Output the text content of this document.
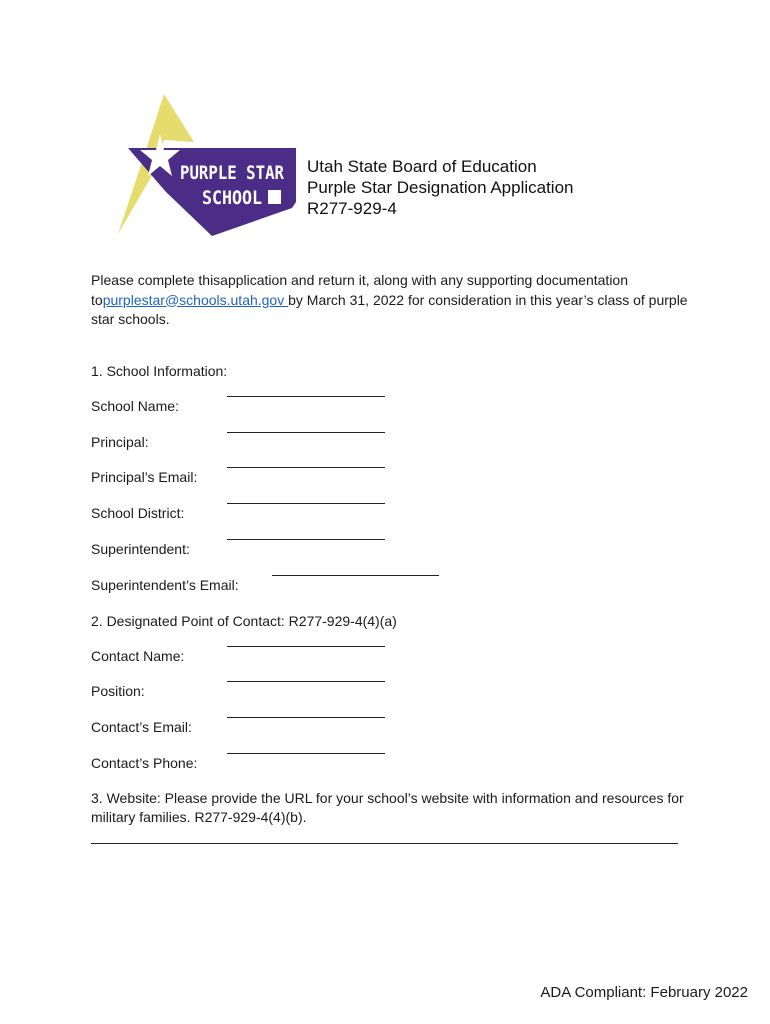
PURPLE STAR
SCHOOL
Utah State Board of Education
Purple Star Designation Application
R277-929-4
Please complete thisapplication and return it, along with any supporting documentation topurplestar@schools.utah.gov by March 31, 2022 for consideration in this year’s class of purple star schools.
1. School Information:
School Name:
Principal:
Principal’s Email:
School District:
Superintendent:
Superintendent’s Email:
2. Designated Point of Contact: R277-929-4(4)(a)
Contact Name:
Position:
Contact’s Email:
Contact’s Phone:
3. Website: Please provide the URL for your school’s website with information and resources for military families. R277-929-4(4)(b).
ADA Compliant: February 2022
